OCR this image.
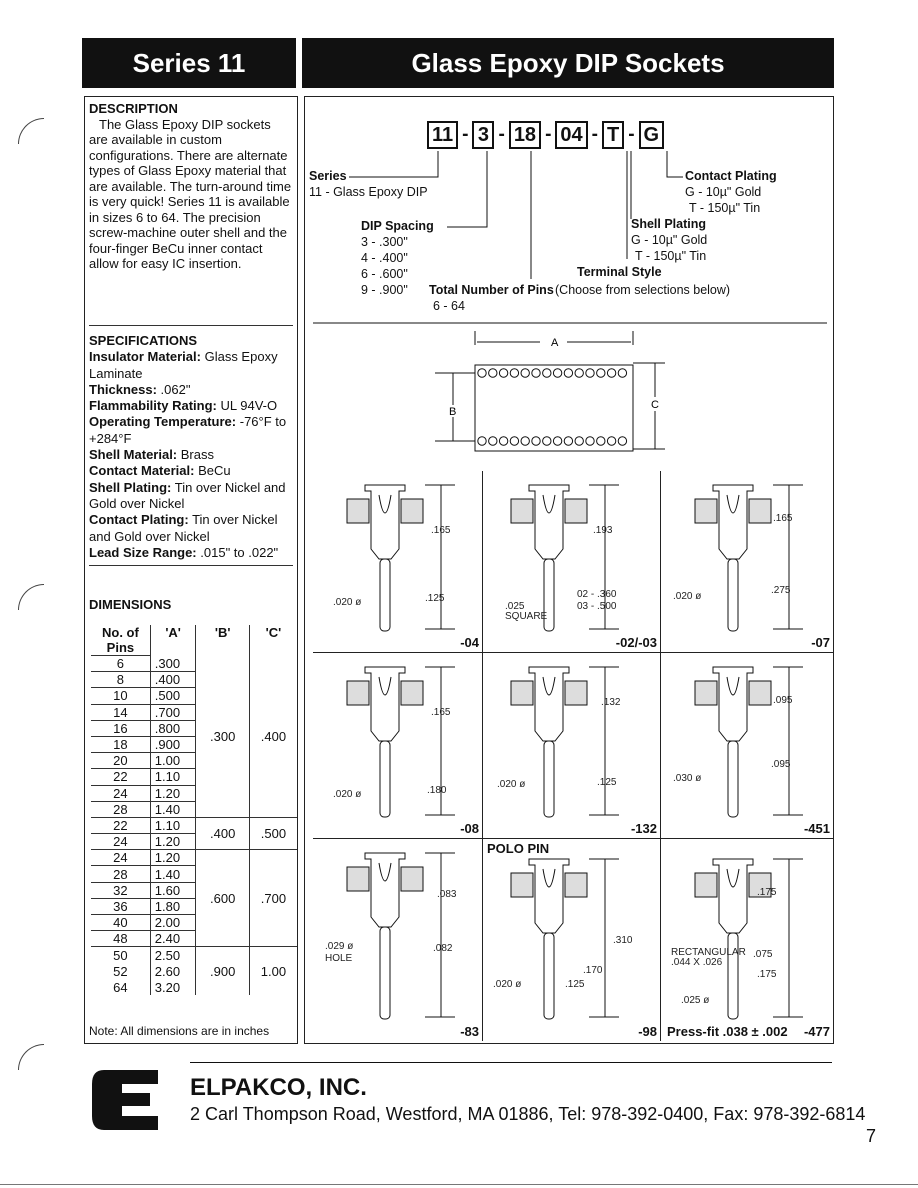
Series 11	Glass Epoxy DIP Sockets
DESCRIPTION

The Glass Epoxy DIP sockets are available in custom configurations. There are alternate types of Glass Epoxy material that are available. The turn-around time is very quick! Series 11 is available in sizes 6 to 64. The precision screw-machine outer shell and the four-finger BeCu inner contact allow for easy IC insertion.

SPECIFICATIONS
Insulator Material: Glass Epoxy Laminate
Thickness: .062"
Flammability Rating: UL 94V-O
Operating Temperature: -76°F to +284°F
Shell Material: Brass
Contact Material: BeCu
Shell Plating: Tin over Nickel and Gold over Nickel
Contact Plating: Tin over Nickel and Gold over Nickel
Lead Size Range: .015" to .022"
DIMENSIONS
No. of Pins	'A'	'B'	'C'
6	.300	.300	.400
8	.400		
10	.500		
14	.700		
16	.800		
18	.900		
20	1.00		
22	1.10		
24	1.20		
28	1.40		
22	1.10	.400	.500
24	1.20		
24	1.20	.600	.700
28	1.40		
32	1.60		
36	1.80		
40	2.00		
48	2.40		
50	2.50	.900	1.00
52	2.60		
64	3.20		
Note: All dimensions are in inches
11 - 3 - 18 - 04 - T - G
Series
11 - Glass Epoxy DIP
DIP Spacing
3 - .300"
4 - .400"
6 - .600"
9 - .900" Total Number of Pins
6 - 64
Contact Plating
G - 10µ" Gold
T - 150µ" Tin
Shell Plating
G - 10µ" Gold
T - 150µ" Tin
Terminal Style
(Choose from selections below)
A
B
C
.165
.125
.020 ø
-04
.193
02 - .360
03 - .500
.025
SQUARE
-02/-03
.165
.275
.020 ø
-07
.165
.180
.020 ø
-08
.132
.125
.020 ø
-132
.095
.095
.030 ø
-451
.083
.082
.029 ø
HOLE
-83
.310
.170
.125
.020 ø
POLO PIN
-98
.175
.075
.175
RECTANGULAR
.044 X .026
.025 ø
Press-fit .038 ± .002 -477
ELPAKCO, INC.
2 Carl Thompson Road, Westford, MA 01886, Tel: 978-392-0400, Fax: 978-392-6814
7
